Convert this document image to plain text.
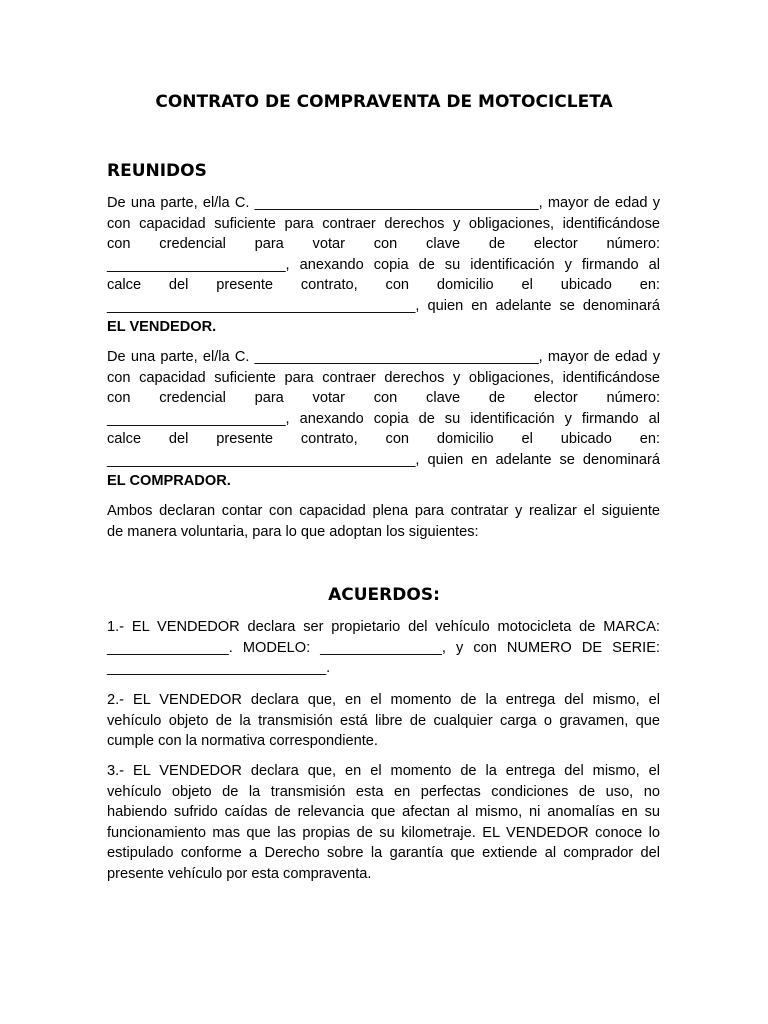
CONTRATO DE COMPRAVENTA DE MOTOCICLETA
REUNIDOS
De una parte, el/la C. ___________________________________, mayor de edad y
con capacidad suficiente para contraer derechos y obligaciones, identificándose
con credencial para votar con clave de elector número:
______________________, anexando copia de su identificación y firmando al
calce del presente contrato, con domicilio el ubicado en:
______________________________________, quien en adelante se denominará
EL VENDEDOR.
De una parte, el/la C. ___________________________________, mayor de edad y
con capacidad suficiente para contraer derechos y obligaciones, identificándose
con credencial para votar con clave de elector número:
______________________, anexando copia de su identificación y firmando al
calce del presente contrato, con domicilio el ubicado en:
______________________________________, quien en adelante se denominará
EL COMPRADOR.
Ambos declaran contar con capacidad plena para contratar y realizar el siguiente
de manera voluntaria, para lo que adoptan los siguientes:
ACUERDOS:
1.- EL VENDEDOR declara ser propietario del vehículo motocicleta de MARCA:
_______________. MODELO: _______________, y con NUMERO DE SERIE:
___________________________.
2.- EL VENDEDOR declara que, en el momento de la entrega del mismo, el
vehículo objeto de la transmisión está libre de cualquier carga o gravamen, que
cumple con la normativa correspondiente.
3.- EL VENDEDOR declara que, en el momento de la entrega del mismo, el
vehículo objeto de la transmisión esta en perfectas condiciones de uso, no
habiendo sufrido caídas de relevancia que afectan al mismo, ni anomalías en su
funcionamiento mas que las propias de su kilometraje. EL VENDEDOR conoce lo
estipulado conforme a Derecho sobre la garantía que extiende al comprador del
presente vehículo por esta compraventa.
